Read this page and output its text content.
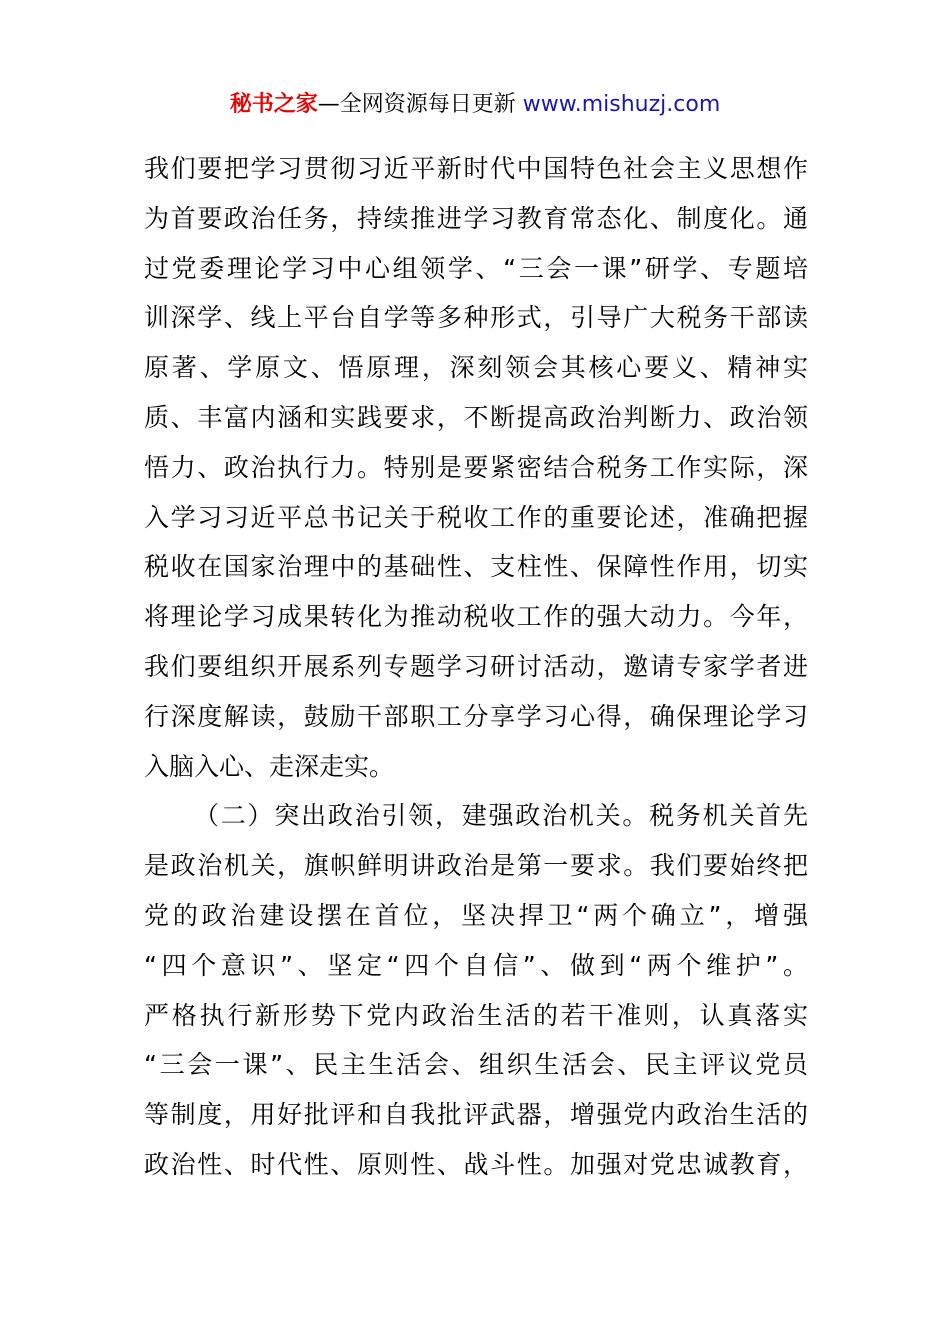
秘书之家—全网资源每日更新 www.mishuzj.com
我们要把学习贯彻习近平新时代中国特色社会主义思想作
为首要政治任务，持续推进学习教育常态化、制度化。通
过党委理论学习中心组领学、“三会一课”研学、专题培
训深学、线上平台自学等多种形式，引导广大税务干部读
原著、学原文、悟原理，深刻领会其核心要义、精神实
质、丰富内涵和实践要求，不断提高政治判断力、政治领
悟力、政治执行力。特别是要紧密结合税务工作实际，深
入学习习近平总书记关于税收工作的重要论述，准确把握
税收在国家治理中的基础性、支柱性、保障性作用，切实
将理论学习成果转化为推动税收工作的强大动力。今年，
我们要组织开展系列专题学习研讨活动，邀请专家学者进
行深度解读，鼓励干部职工分享学习心得，确保理论学习
入脑入心、走深走实。
（二）突出政治引领，建强政治机关。税务机关首先
是政治机关，旗帜鲜明讲政治是第一要求。我们要始终把
党的政治建设摆在首位，坚决捍卫“两个确立”，增强
“四个意识”、坚定“四个自信”、做到“两个维护”。
严格执行新形势下党内政治生活的若干准则，认真落实
“三会一课”、民主生活会、组织生活会、民主评议党员
等制度，用好批评和自我批评武器，增强党内政治生活的
政治性、时代性、原则性、战斗性。加强对党忠诚教育，
